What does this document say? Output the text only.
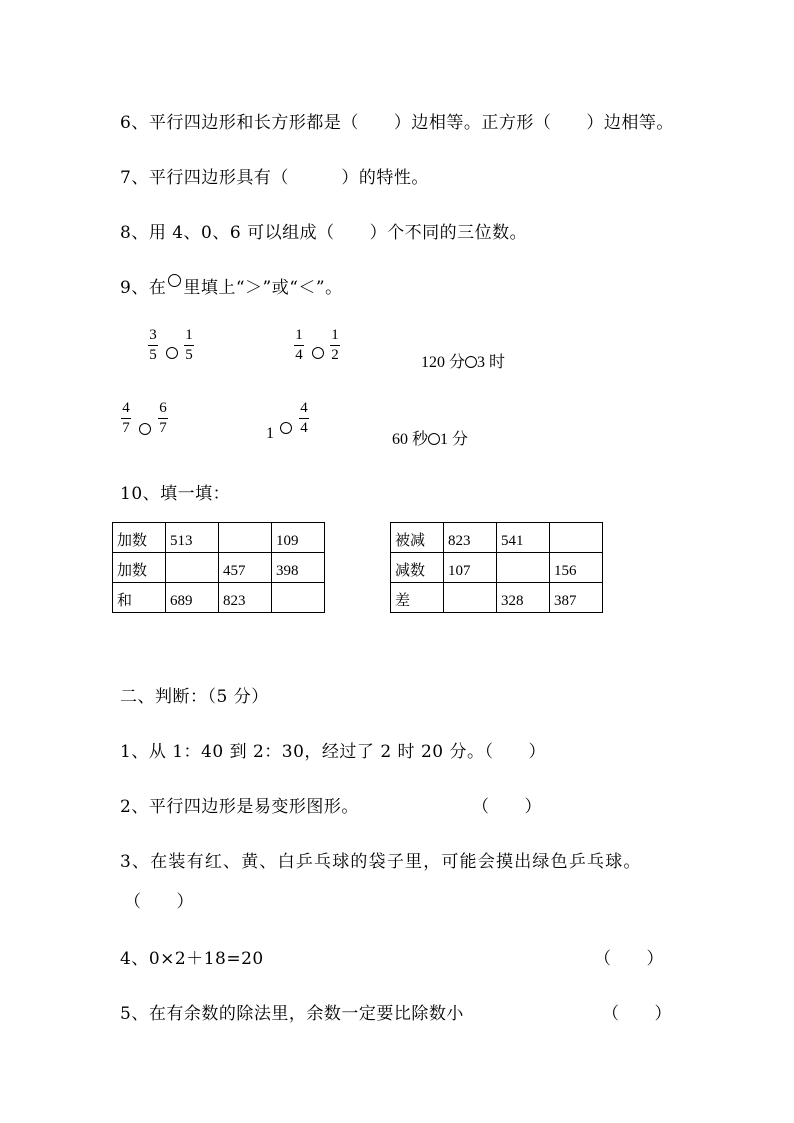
6、平行四边形和长方形都是（　　）边相等。正方形（　　）边相等。
7、平行四边形具有（　　　）的特性。
8、用 4、0、6 可以组成（　　）个不同的三位数。
9、在 里填上“＞”或“＜”。
3
5
1
5
1
4
1
2	120 分 3 时
4
7
6
7	1
4
4
60 秒 1 分
10、填一填：
加数	513		109
加数		457	398
和	689	823	
被减	823	541	
减数	107		156
差		328	387
二、判断：（5 分）
1、从 1：40 到 2：30，经过了 2 时 20 分。（　　）
2、平行四边形是易变形图形。	（　　）
3、在装有红、黄、白乒乓球的袋子里，可能会摸出绿色乒乓球。
（　　）
4、0×2＋18=20	（　　）
5、在有余数的除法里，余数一定要比除数小	（　　）
